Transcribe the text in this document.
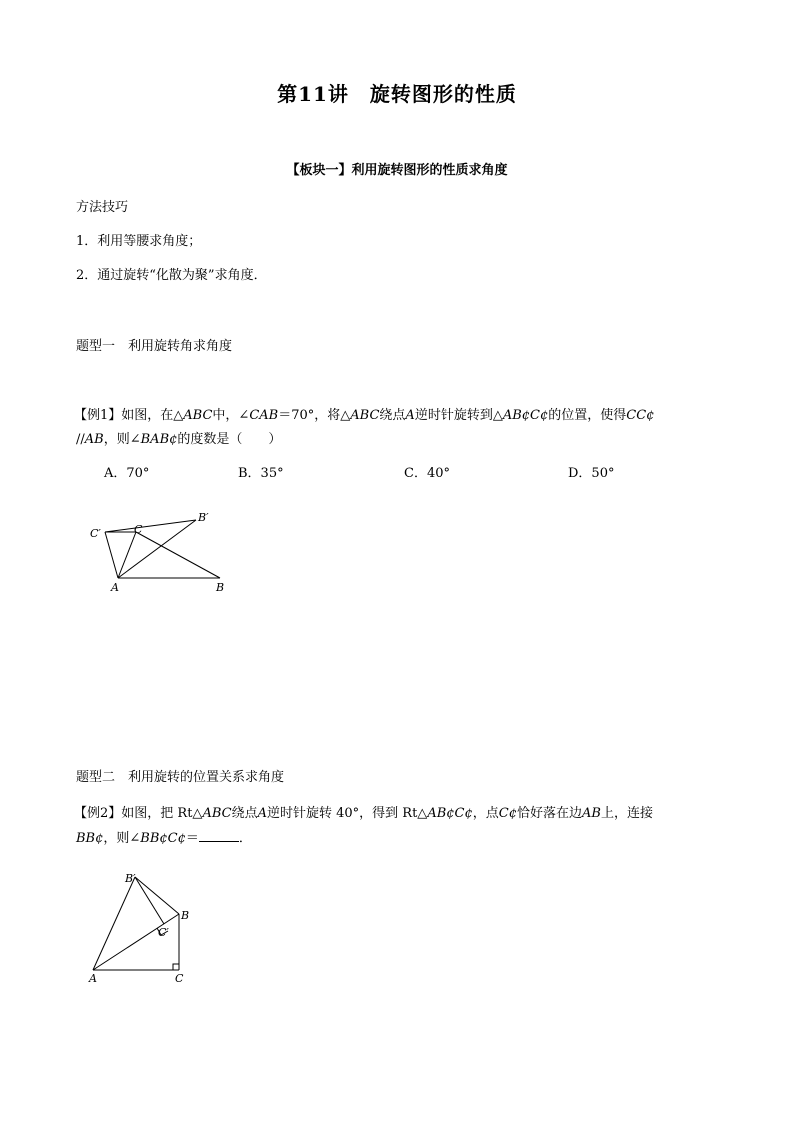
第11讲　旋转图形的性质
【板块一】利用旋转图形的性质求角度
方法技巧
1．利用等腰求角度；
2．通过旋转“化散为聚”求角度．
题型一　利用旋转角求角度
【例1】如图，在△ABC中，∠CAB＝70°，将△ABC绕点A逆时针旋转到△AB¢C¢的位置，使得CC¢
//AB，则∠BAB¢的度数是（　　）
A．70°	B．35°	C．40°	D．50°
C′	C
B′
A	B
题型二　利用旋转的位置关系求角度
【例2】如图，把 Rt△ABC绕点A逆时针旋转 40°，得到 Rt△AB¢C¢，点C¢恰好落在边AB上，连接
BB¢，则∠BB¢C¢＝	．
B′
B
C′
A	C
